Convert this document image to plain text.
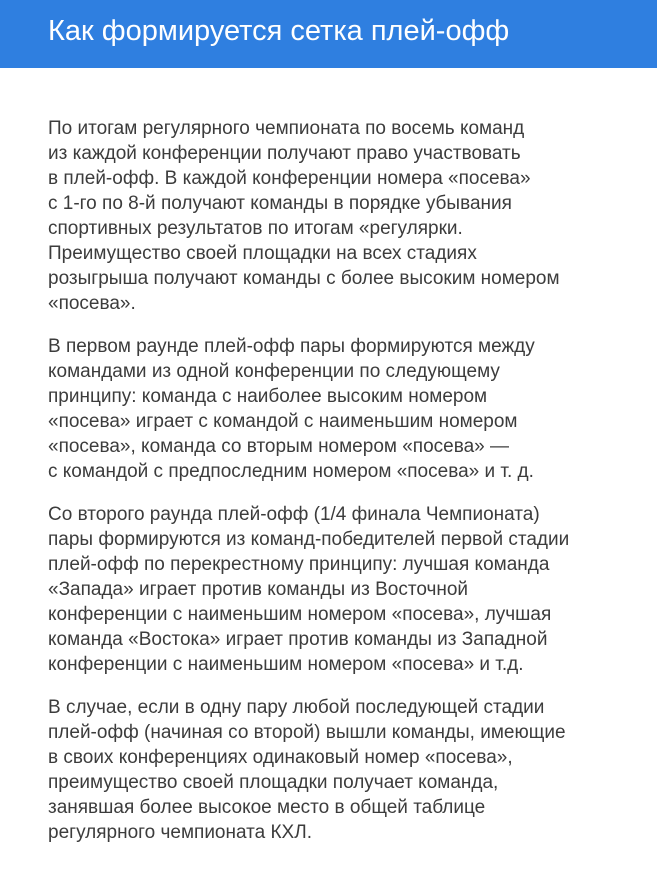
Как формируется сетка плей-офф

По итогам регулярного чемпионата по восемь команд
из каждой конференции получают право участвовать
в плей-офф. В каждой конференции номера «посева»
с 1-го по 8-й получают команды в порядке убывания
спортивных результатов по итогам «регулярки.
Преимущество своей площадки на всех стадиях
розыгрыша получают команды с более высоким номером
«посева».

В первом раунде плей-офф пары формируются между
командами из одной конференции по следующему
принципу: команда с наиболее высоким номером
«посева» играет с командой с наименьшим номером
«посева», команда со вторым номером «посева» —
с командой с предпоследним номером «посева» и т. д.

Со второго раунда плей-офф (1/4 финала Чемпионата)
пары формируются из команд-победителей первой стадии
плей-офф по перекрестному принципу: лучшая команда
«Запада» играет против команды из Восточной
конференции с наименьшим номером «посева», лучшая
команда «Востока» играет против команды из Западной
конференции с наименьшим номером «посева» и т.д.

В случае, если в одну пару любой последующей стадии
плей-офф (начиная со второй) вышли команды, имеющие
в своих конференциях одинаковый номер «посева»,
преимущество своей площадки получает команда,
занявшая более высокое место в общей таблице
регулярного чемпионата КХЛ.
